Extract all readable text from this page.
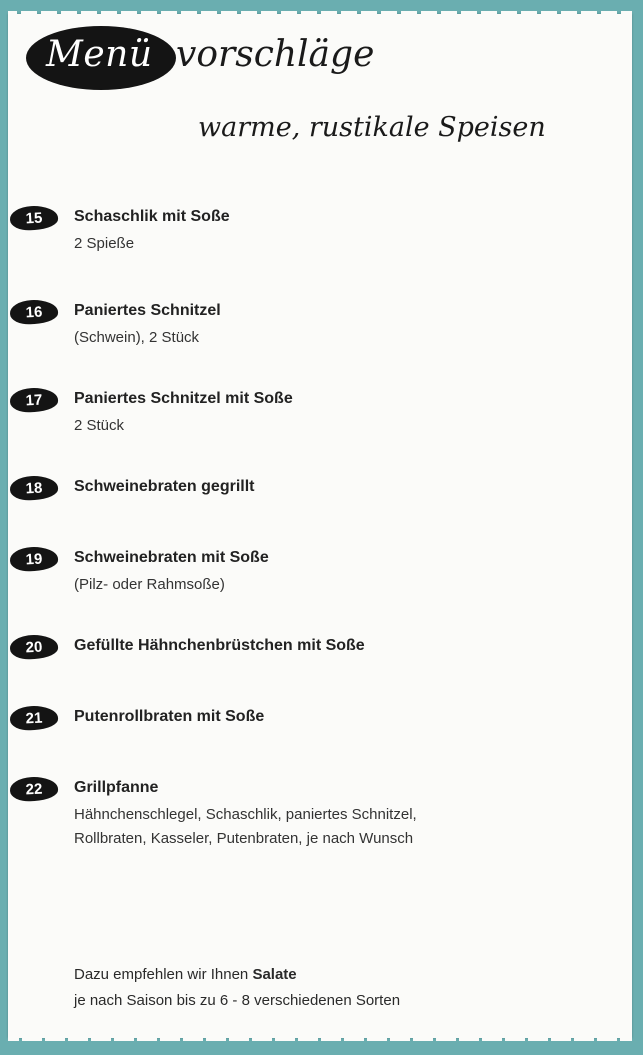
Menü vorschläge
warme, rustikale Speisen
15	Schaschlik mit Soße
2 Spieße
16	Paniertes Schnitzel
(Schwein), 2 Stück
17	Paniertes Schnitzel mit Soße
2 Stück
18	Schweinebraten gegrillt
19	Schweinebraten mit Soße
(Pilz- oder Rahmsoße)
20	Gefüllte Hähnchenbrüstchen mit Soße
21	Putenrollbraten mit Soße
22	Grillpfanne
Hähnchenschlegel, Schaschlik, paniertes Schnitzel,
Rollbraten, Kasseler, Putenbraten, je nach Wunsch
Dazu empfehlen wir Ihnen Salate
je nach Saison bis zu 6 - 8 verschiedenen Sorten
